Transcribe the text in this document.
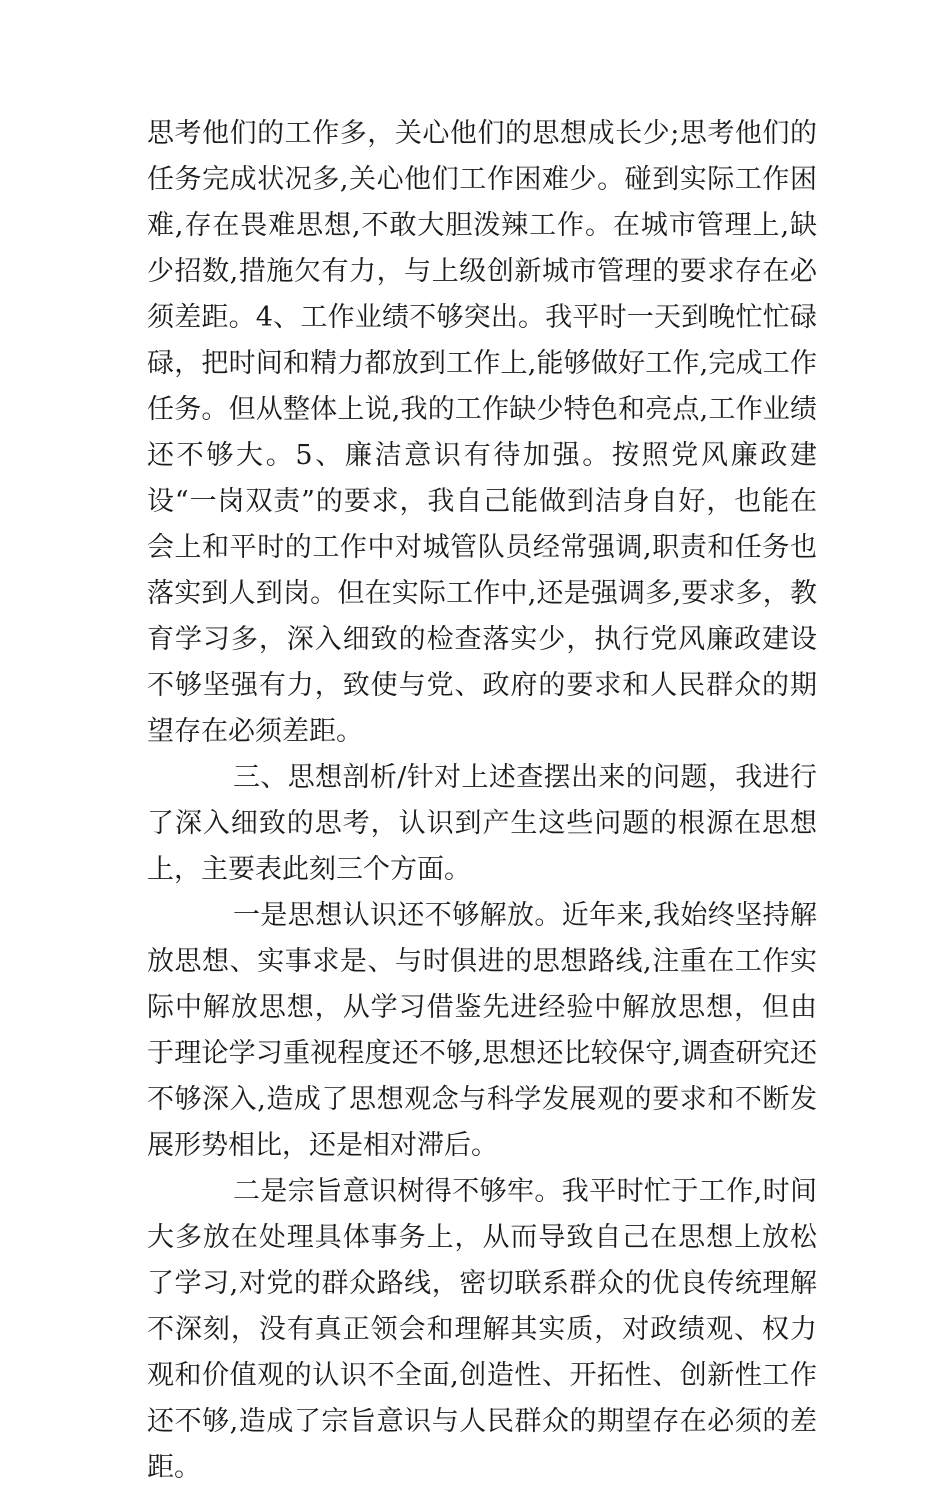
思考他们的工作多，关心他们的思想成长少;思考他们的任务完成状况多,关心他们工作困难少。碰到实际工作困难,存在畏难思想,不敢大胆泼辣工作。在城市管理上,缺少招数,措施欠有力，与上级创新城市管理的要求存在必须差距。4、工作业绩不够突出。我平时一天到晚忙忙碌碌，把时间和精力都放到工作上,能够做好工作,完成工作任务。但从整体上说,我的工作缺少特色和亮点,工作业绩还不够大。5、廉洁意识有待加强。按照党风廉政建设“一岗双责”的要求，我自己能做到洁身自好，也能在会上和平时的工作中对城管队员经常强调,职责和任务也落实到人到岗。但在实际工作中,还是强调多,要求多，教育学习多，深入细致的检查落实少，执行党风廉政建设不够坚强有力，致使与党、政府的要求和人民群众的期望存在必须差距。

三、思想剖析/针对上述查摆出来的问题，我进行了深入细致的思考，认识到产生这些问题的根源在思想上，主要表此刻三个方面。

一是思想认识还不够解放。近年来,我始终坚持解放思想、实事求是、与时俱进的思想路线,注重在工作实际中解放思想，从学习借鉴先进经验中解放思想，但由于理论学习重视程度还不够,思想还比较保守,调查研究还不够深入,造成了思想观念与科学发展观的要求和不断发展形势相比，还是相对滞后。

二是宗旨意识树得不够牢。我平时忙于工作,时间大多放在处理具体事务上，从而导致自己在思想上放松了学习,对党的群众路线，密切联系群众的优良传统理解不深刻，没有真正领会和理解其实质，对政绩观、权力观和价值观的认识不全面,创造性、开拓性、创新性工作还不够,造成了宗旨意识与人民群众的期望存在必须的差距。
